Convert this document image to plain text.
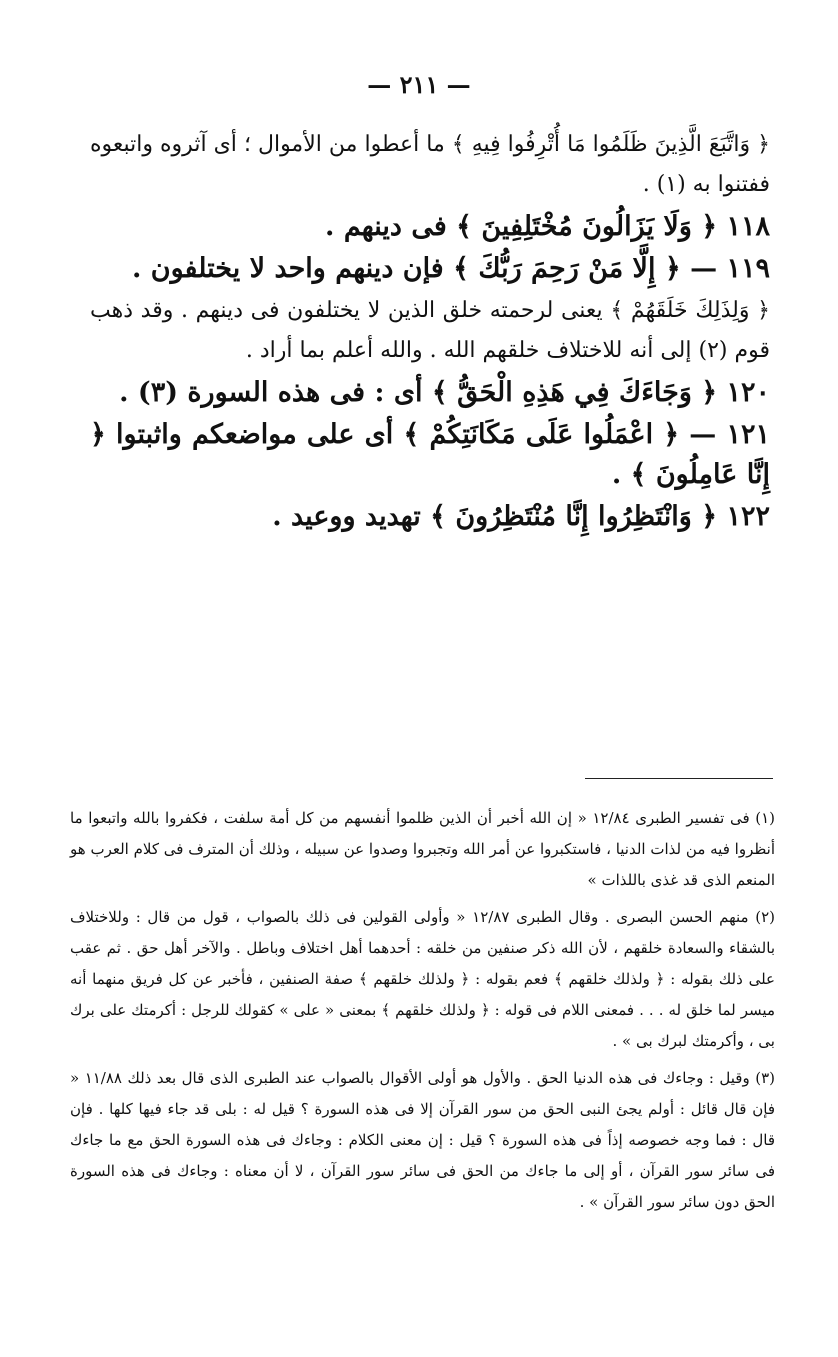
— ٢١١ —

﴿ وَاتَّبَعَ الَّذِينَ ظَلَمُوا مَا أُتْرِفُوا فِيهِ ﴾ ما أعطوا من الأموال ؛ أى آثروه واتبعوه ففتنوا به (١) .

١١٨ ﴿ وَلَا يَزَالُونَ مُخْتَلِفِينَ ﴾ فى دينهم .

١١٩ — ﴿ إِلَّا مَنْ رَحِمَ رَبُّكَ ﴾ فإن دينهم واحد لا يختلفون .

﴿ وَلِذَلِكَ خَلَقَهُمْ ﴾ يعنى لرحمته خلق الذين لا يختلفون فى دينهم . وقد ذهب قوم (٢) إلى أنه للاختلاف خلقهم الله . والله أعلم بما أراد .

١٢٠ ﴿ وَجَاءَكَ فِي هَذِهِ الْحَقُّ ﴾ أى : فى هذه السورة (٣) .

١٢١ — ﴿ اعْمَلُوا عَلَى مَكَانَتِكُمْ ﴾ أى على مواضعكم واثبتوا ﴿ إِنَّا عَامِلُونَ ﴾ .

١٢٢ ﴿ وَانْتَظِرُوا إِنَّا مُنْتَظِرُونَ ﴾ تهديد ووعيد .

(١) فى تفسير الطبرى ١٢/٨٤ « إن الله أخبر أن الذين ظلموا أنفسهم من كل أمة سلفت ، فكفروا بالله واتبعوا ما أنظروا فيه من لذات الدنيا ، فاستكبروا عن أمر الله وتجبروا وصدوا عن سبيله ، وذلك أن المترف فى كلام العرب هو المنعم الذى قد غذى باللذات »

(٢) منهم الحسن البصرى . وقال الطبرى ١٢/٨٧ « وأولى القولين فى ذلك بالصواب ، قول من قال : وللاختلاف بالشقاء والسعادة خلقهم ، لأن الله ذكر صنفين من خلقه : أحدهما أهل اختلاف وباطل . والآخر أهل حق . ثم عقب على ذلك بقوله : ﴿ ولذلك خلقهم ﴾ فعم بقوله : ﴿ ولذلك خلقهم ﴾ صفة الصنفين ، فأخبر عن كل فريق منهما أنه ميسر لما خلق له . . . فمعنى اللام فى قوله : ﴿ ولذلك خلقهم ﴾ بمعنى « على » كقولك للرجل : أكرمتك على برك بى ، وأكرمتك لبرك بى » .

(٣) وقيل : وجاءك فى هذه الدنيا الحق . والأول هو أولى الأقوال بالصواب عند الطبرى الذى قال بعد ذلك ١١/٨٨ « فإن قال قائل : أولم يجئ النبى الحق من سور القرآن إلا فى هذه السورة ؟ قيل له : بلى قد جاء فيها كلها . فإن قال : فما وجه خصوصه إذاً فى هذه السورة ؟ قيل : إن معنى الكلام : وجاءك فى هذه السورة الحق مع ما جاءك فى سائر سور القرآن ، أو إلى ما جاءك من الحق فى سائر سور القرآن ، لا أن معناه : وجاءك فى هذه السورة الحق دون سائر سور القرآن » .
